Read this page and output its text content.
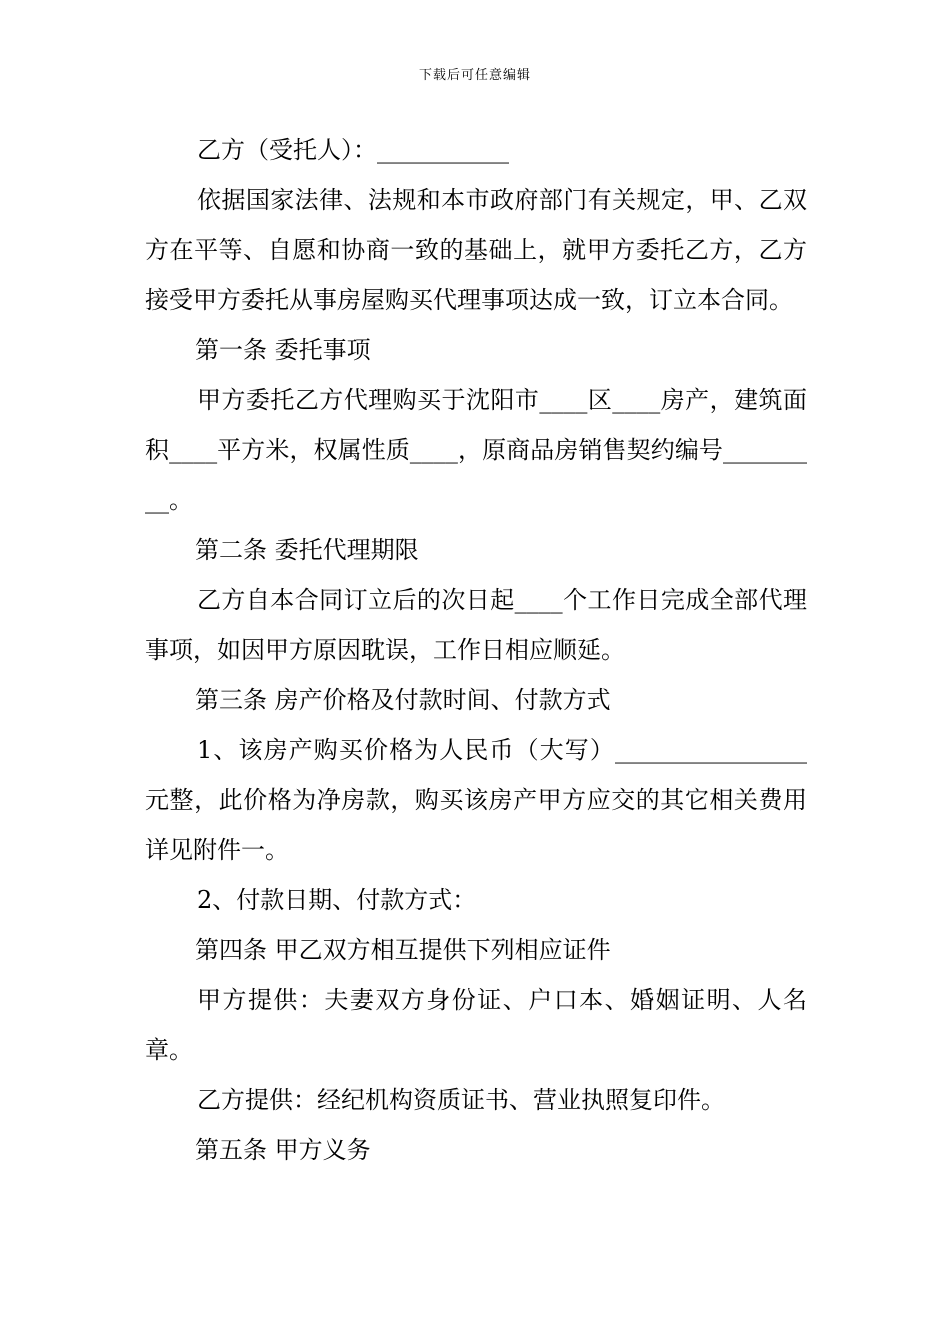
下载后可任意编辑

乙方（受托人）：___________

依据国家法律、法规和本市政府部门有关规定，甲、乙双方在平等、自愿和协商一致的基础上，就甲方委托乙方，乙方接受甲方委托从事房屋购买代理事项达成一致，订立本合同。

第一条 委托事项

甲方委托乙方代理购买于沈阳市____区____房产，建筑面积____平方米，权属性质____，原商品房销售契约编号_________。

第二条 委托代理期限

乙方自本合同订立后的次日起____个工作日完成全部代理事项，如因甲方原因耽误，工作日相应顺延。

第三条 房产价格及付款时间、付款方式

1、该房产购买价格为人民币（大写）________________元整，此价格为净房款，购买该房产甲方应交的其它相关费用详见附件一。

2、付款日期、付款方式：

第四条 甲乙双方相互提供下列相应证件

甲方提供：夫妻双方身份证、户口本、婚姻证明、人名章。

乙方提供：经纪机构资质证书、营业执照复印件。

第五条 甲方义务
